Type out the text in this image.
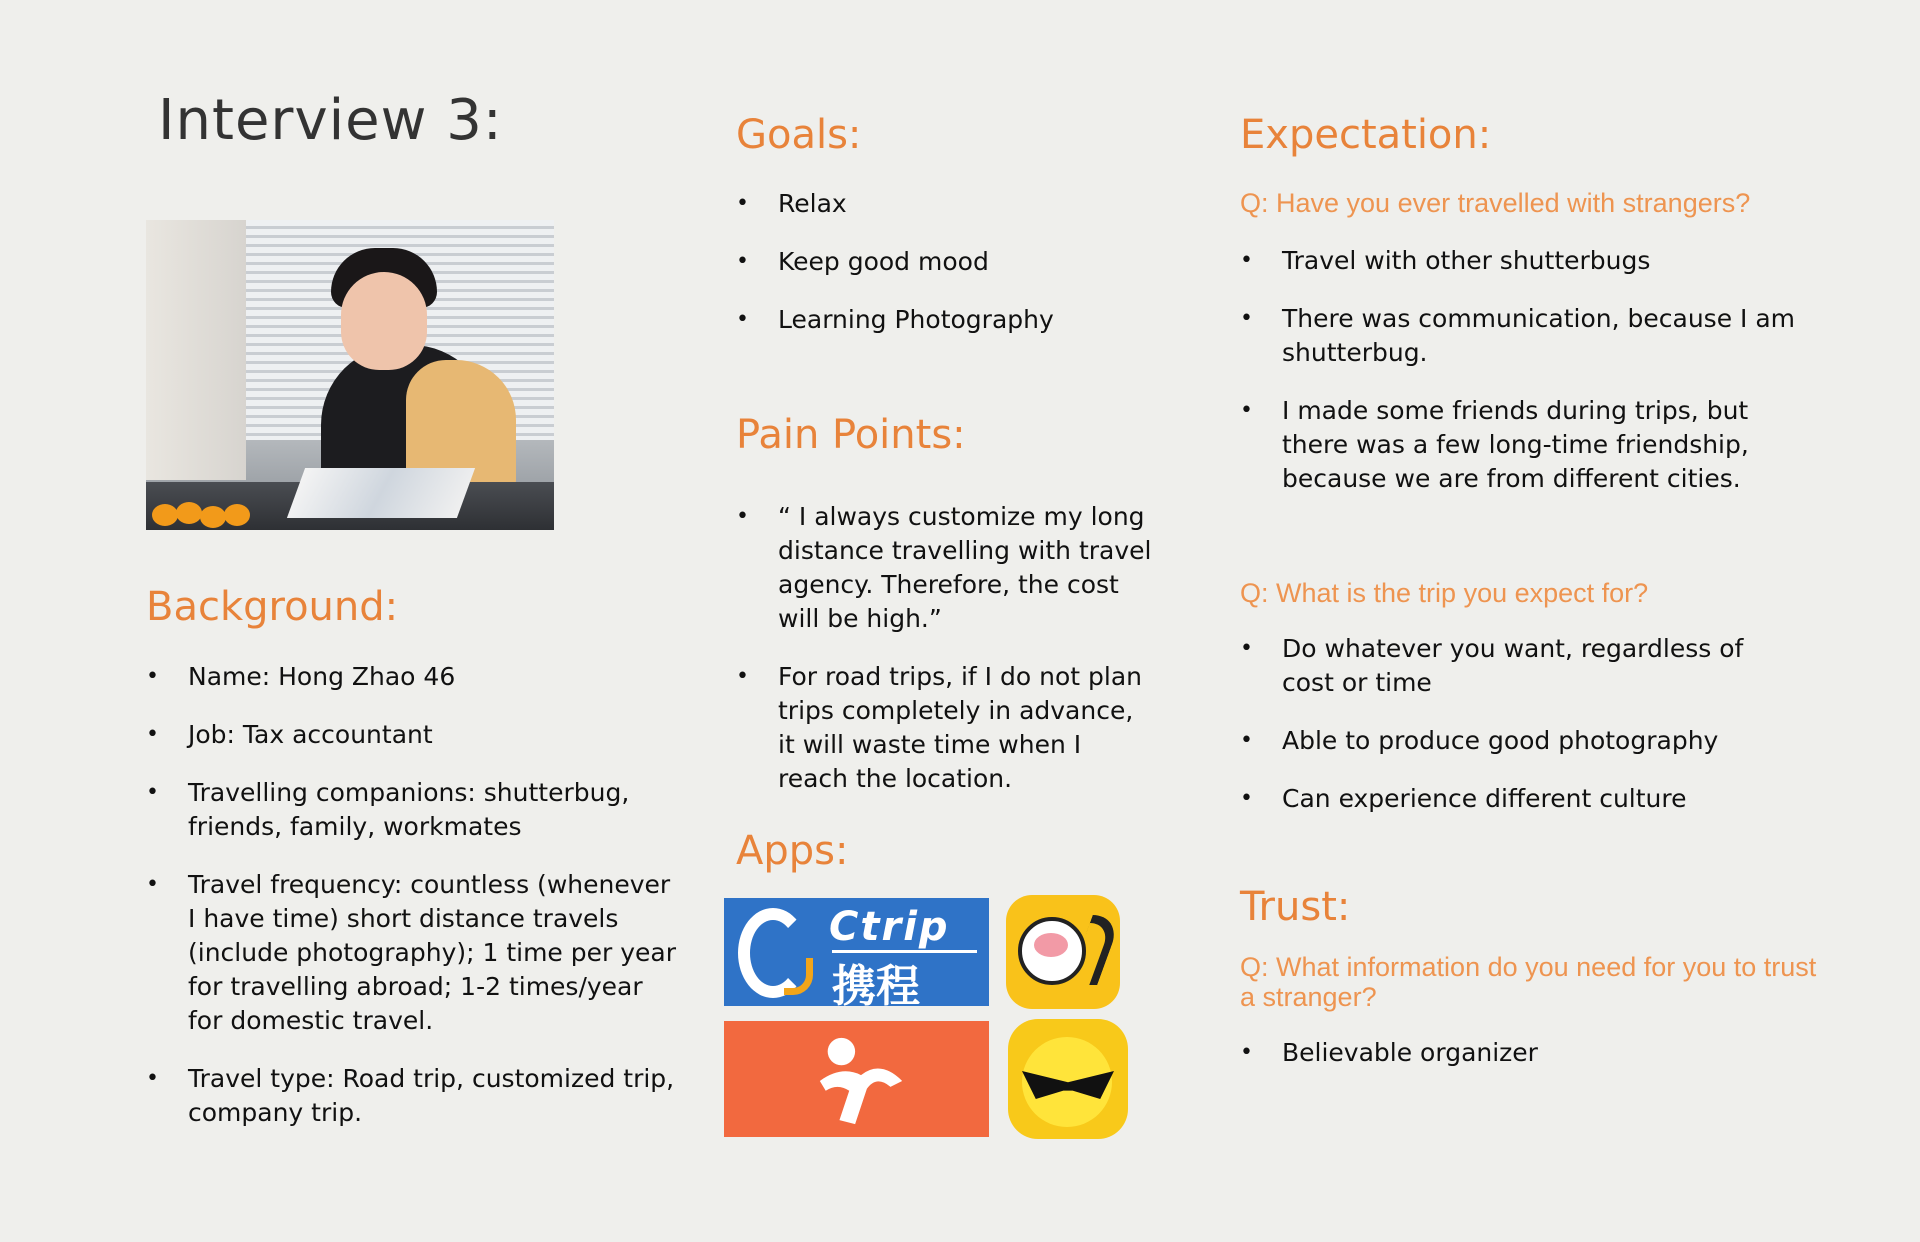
Interview 3:
Background:
• Name: Hong Zhao 46
• Job: Tax accountant
• Travelling companions: shutterbug, friends, family, workmates
• Travel frequency: countless (whenever I have time) short distance travels (include photography); 1 time per year for travelling abroad; 1-2 times/year for domestic travel.
• Travel type: Road trip, customized trip, company trip.
Goals:
• Relax
• Keep good mood
• Learning Photography
Pain Points:
• “ I always customize my long distance travelling with travel agency. Therefore, the cost will be high.”
• For road trips, if I do not plan trips completely in advance, it will waste time when I reach the location.
Apps:
Ctrip
携程
Expectation:
Q: Have you ever travelled with strangers?
• Travel with other shutterbugs
• There was communication, because I am shutterbug.
• I made some friends during trips, but there was a few long-time friendship, because we are from different cities.
Q: What is the trip you expect for?
• Do whatever you want, regardless of cost or time
• Able to produce good photography
• Can experience different culture
Trust:
Q: What information do you need for you to trust a stranger?
• Believable organizer
